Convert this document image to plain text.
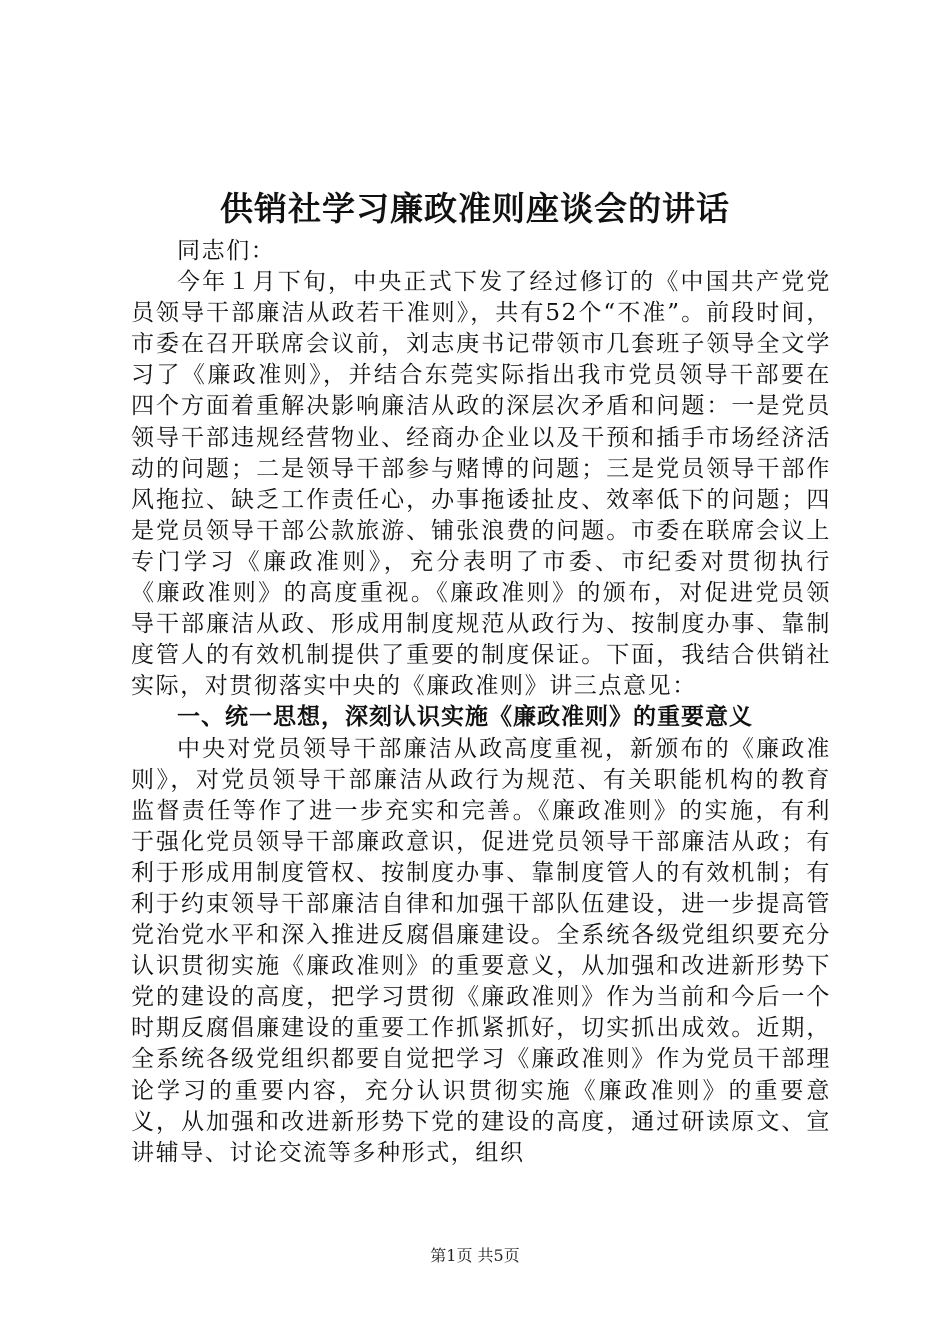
供销社学习廉政准则座谈会的讲话

同志们：

今年１月下旬，中央正式下发了经过修订的《中国共产党党员领导干部廉洁从政若干准则》，共有52个“不准”。前段时间，市委在召开联席会议前，刘志庚书记带领市几套班子领导全文学习了《廉政准则》，并结合东莞实际指出我市党员领导干部要在四个方面着重解决影响廉洁从政的深层次矛盾和问题：一是党员领导干部违规经营物业、经商办企业以及干预和插手市场经济活动的问题；二是领导干部参与赌博的问题；三是党员领导干部作风拖拉、缺乏工作责任心，办事拖诿扯皮、效率低下的问题；四是党员领导干部公款旅游、铺张浪费的问题。市委在联席会议上专门学习《廉政准则》，充分表明了市委、市纪委对贯彻执行《廉政准则》的高度重视。《廉政准则》的颁布，对促进党员领导干部廉洁从政、形成用制度规范从政行为、按制度办事、靠制度管人的有效机制提供了重要的制度保证。下面，我结合供销社实际，对贯彻落实中央的《廉政准则》讲三点意见：

一、统一思想，深刻认识实施《廉政准则》的重要意义

中央对党员领导干部廉洁从政高度重视，新颁布的《廉政准则》，对党员领导干部廉洁从政行为规范、有关职能机构的教育监督责任等作了进一步充实和完善。《廉政准则》的实施，有利于强化党员领导干部廉政意识，促进党员领导干部廉洁从政；有利于形成用制度管权、按制度办事、靠制度管人的有效机制；有利于约束领导干部廉洁自律和加强干部队伍建设，进一步提高管党治党水平和深入推进反腐倡廉建设。全系统各级党组织要充分认识贯彻实施《廉政准则》的重要意义，从加强和改进新形势下党的建设的高度，把学习贯彻《廉政准则》作为当前和今后一个时期反腐倡廉建设的重要工作抓紧抓好，切实抓出成效。近期，全系统各级党组织都要自觉把学习《廉政准则》作为党员干部理论学习的重要内容，充分认识贯彻实施《廉政准则》的重要意义，从加强和改进新形势下党的建设的高度，通过研读原文、宣讲辅导、讨论交流等多种形式，组织

第1页 共5页
